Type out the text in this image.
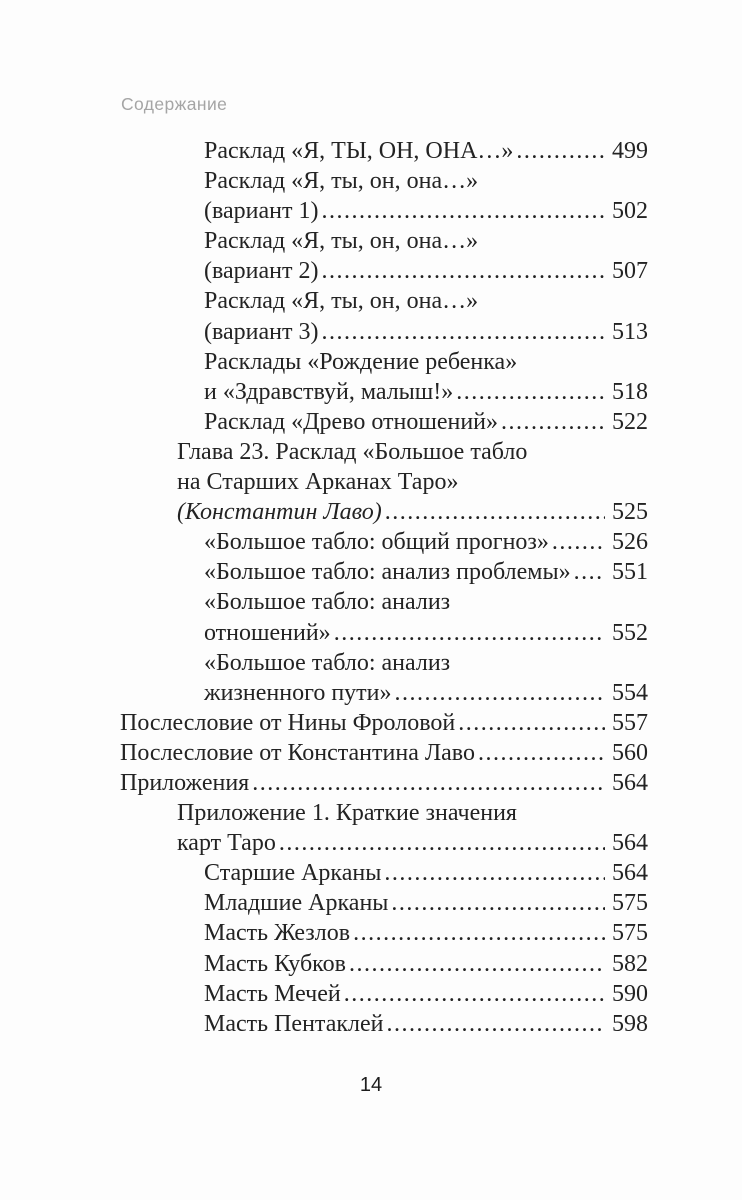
Содержание
Расклад «Я, ТЫ, ОН, ОНА…» .....	499
Расклад «Я, ты, он, она…»
(вариант 1) .....	502
Расклад «Я, ты, он, она…»
(вариант 2) .....	507
Расклад «Я, ты, он, она…»
(вариант 3) .....	513
Расклады «Рождение ребенка»
и «Здравствуй, малыш!» .....	518
Расклад «Древо отношений» .....	522
Глава 23. Расклад «Большое табло
на Старших Арканах Таро»
(Константин Лаво) .....	525
«Большое табло: общий прогноз» .....	526
«Большое табло: анализ проблемы» ..... 551
«Большое табло: анализ
отношений» .....	552
«Большое табло: анализ
жизненного пути» .....	554
Послесловие от Нины Фроловой .....	557
Послесловие от Константина Лаво .....	560
Приложения .....	564
Приложение 1. Краткие значения
карт Таро .....	564
Старшие Арканы .....	564
Младшие Арканы .....	575
Масть Жезлов .....	575
Масть Кубков .....	582
Масть Мечей .....	590
Масть Пентаклей .....	598
14
